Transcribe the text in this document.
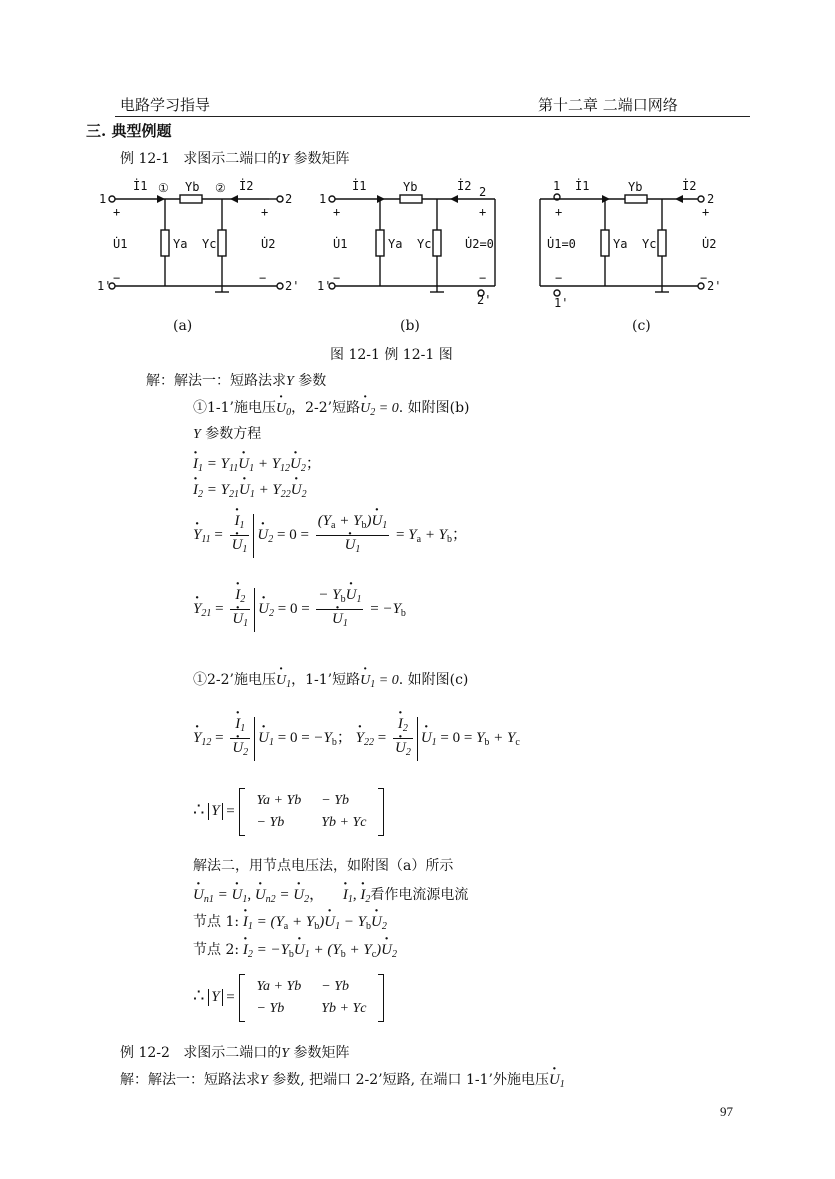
电路学习指导	第十二章 二端口网络
三. 典型例题
例 12-1 求图示二端口的Y 参数矩阵
1
+
U̇1
−
1'
İ1 ① Yb ② İ2
2
+
U̇2
−
2'
Ya Yc
1
+
U̇1
−
1'
İ1	Yb	İ2 2
+
U̇2=0
−
2'
Ya Yc
1
+
U̇1=0
−
1'
İ1	Yb	İ2
2
+
U̇2
−
2'
Ya Yc
(a)	(b)	(c)
图 12-1 例 12-1 图
解：解法一：短路法求Y 参数
①1-1’施电压· $U_0$，2-2’短路· $U_2 = 0$. 如附图(b)
Y 参数方程
· $I_1 = Y_{11}\cdot U_1 + Y_{12}\cdot U_2$；
· $I_2 = Y_{21}\cdot U_1 + Y_{22}\cdot U_2$
· $Y_{11}$ = · $I_1$
· $U_1 \cdot U_2 = 0 = (Y_a + Y_b)\cdot U_1$
· $U_1 = Y_a + Y_b$；
· $Y_{21}$ = · $I_2$
· $U_1 \cdot U_2 = 0$ = − $Y_b\cdot U_1$
· $U_1 = -Y_b$
①2-2’施电压· $U_1$，1-1’短路· $U_1 = 0$. 如附图(c)
· $Y_{12}$ = · $I_1$
· $U_2 \cdot U_1 = 0 = -Y_b$； · $Y_{22}$ = · $I_2$
· $U_2 \cdot U_1 = 0 = Y_b + Y_c$
∴ Y =
Ya + Yb	− Yb
− Yb	Yb + Yc
解法二，用节点电压法，如附图（a）所示
· $U_{n1}$ = · $U_1$, · $U_{n2}$ = · $U_2$，     · $I_1$, · $I_2$看作电流源电流
节点 1: · $I_1 = (Y_a + Y_b)\cdot U_1 - Y_b\cdot U_2$
节点 2: · $I_2 = -Y_b\cdot U_1 + (Y_b + Y_c)\cdot U_2$
∴ Y =
Ya + Yb	− Yb
− Yb	Yb + Yc
例 12-2 求图示二端口的Y 参数矩阵
解：解法一：短路法求Y 参数, 把端口 2-2’短路, 在端口 1-1’外施电压· $U_1$
97
